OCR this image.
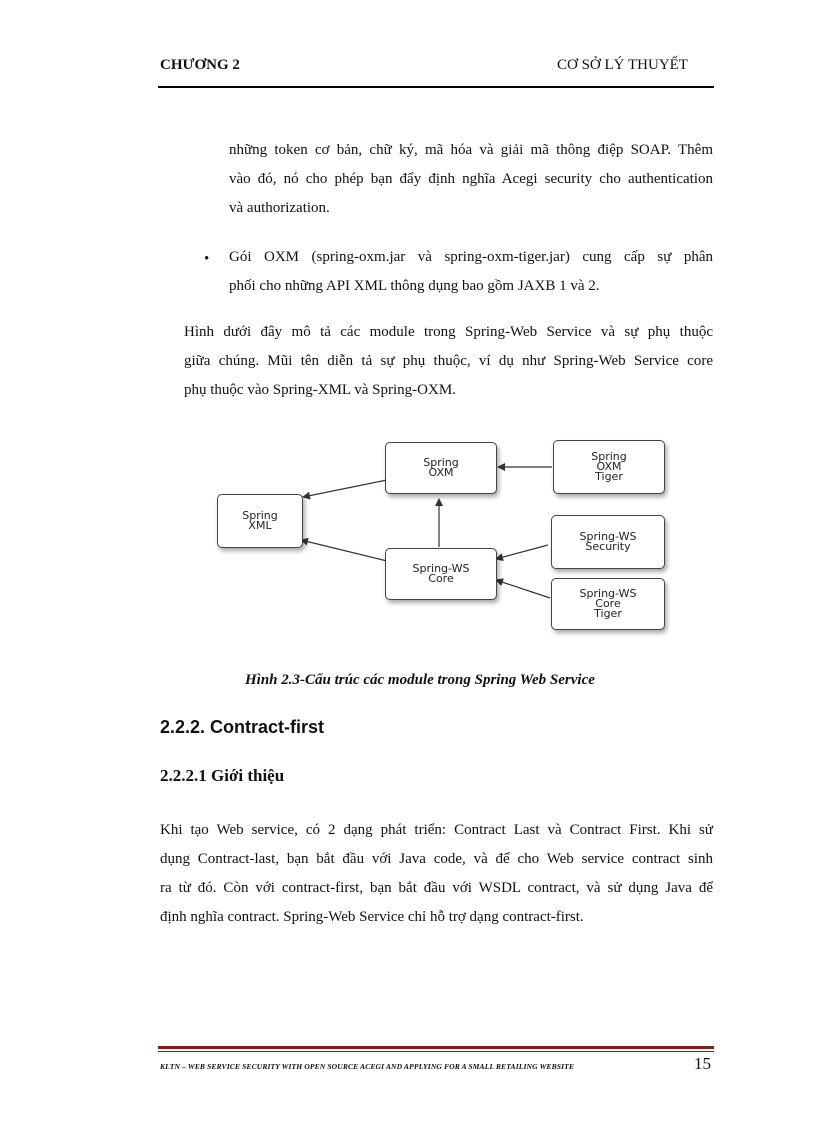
CHƯƠNG 2	CƠ SỞ LÝ THUYẾT
những token cơ bản, chữ ký, mã hóa và giải mã thông điệp SOAP. Thêm
vào đó, nó cho phép bạn đẩy định nghĩa Acegi security cho authentication
và authorization.
• Gói OXM (spring-oxm.jar và spring-oxm-tiger.jar) cung cấp sự phân
phối cho những API XML thông dụng bao gồm JAXB 1 và 2.
Hình dưới đây mô tả các module trong Spring-Web Service và sự phụ thuộc
giữa chúng. Mũi tên diễn tả sự phụ thuộc, ví dụ như Spring-Web Service core
phụ thuộc vào Spring-XML và Spring-OXM.
Spring
OXM
Spring
OXM
Tiger
Spring
XML
Spring-WS
Core
Spring-WS
Security
Spring-WS
Core
Tiger
Hình 2.3-Cấu trúc các module trong Spring Web Service
2.2.2. Contract-first
2.2.2.1 Giới thiệu
Khi tạo Web service, có 2 dạng phát triển: Contract Last và Contract First. Khi sử
dụng Contract-last, bạn bắt đầu với Java code, và để cho Web service contract sinh
ra từ đó. Còn với contract-first, bạn bắt đầu với WSDL contract, và sử dụng Java để
định nghĩa contract. Spring-Web Service chỉ hỗ trợ dạng contract-first.
KLTN – WEB SERVICE SECURITY WITH OPEN SOURCE ACEGI AND APPLYING FOR A SMALL RETAILING WEBSITE	15
